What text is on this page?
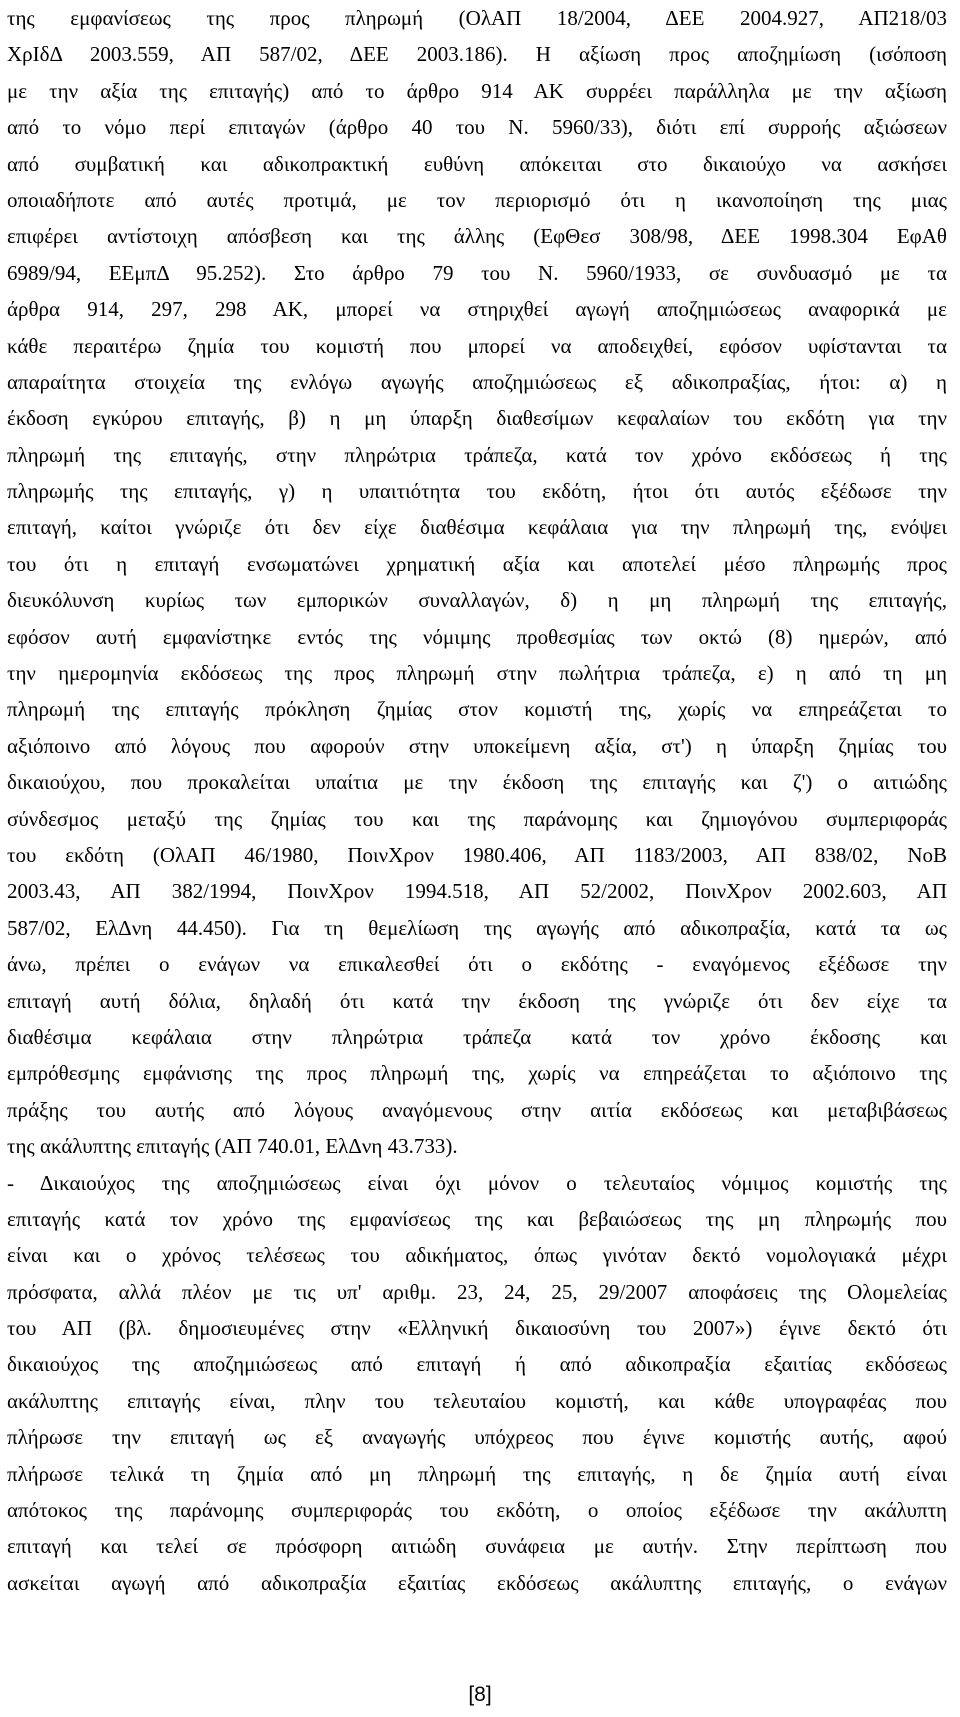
της εμφανίσεως της προς πληρωμή (ΟλΑΠ 18/2004, ΔΕΕ 2004.927, ΑΠ218/03
ΧρΙδΔ 2003.559, ΑΠ 587/02, ΔΕΕ 2003.186). Η αξίωση προς αποζημίωση (ισόποση
με την αξία της επιταγής) από το άρθρο 914 ΑΚ συρρέει παράλληλα με την αξίωση
από το νόμο περί επιταγών (άρθρο 40 του Ν. 5960/33), διότι επί συρροής αξιώσεων
από συμβατική και αδικοπρακτική ευθύνη απόκειται στο δικαιούχο να ασκήσει
οποιαδήποτε από αυτές προτιμά, με τον περιορισμό ότι η ικανοποίηση της μιας
επιφέρει αντίστοιχη απόσβεση και της άλλης (ΕφΘεσ 308/98, ΔΕΕ 1998.304 ΕφΑθ
6989/94, ΕΕμπΔ 95.252). Στο άρθρο 79 του Ν. 5960/1933, σε συνδυασμό με τα
άρθρα 914, 297, 298 ΑΚ, μπορεί να στηριχθεί αγωγή αποζημιώσεως αναφορικά με
κάθε περαιτέρω ζημία του κομιστή που μπορεί να αποδειχθεί, εφόσον υφίστανται τα
απαραίτητα στοιχεία της ενλόγω αγωγής αποζημιώσεως εξ αδικοπραξίας, ήτοι: α) η
έκδοση εγκύρου επιταγής, β) η μη ύπαρξη διαθεσίμων κεφαλαίων του εκδότη για την
πληρωμή της επιταγής, στην πληρώτρια τράπεζα, κατά τον χρόνο εκδόσεως ή της
πληρωμής της επιταγής, γ) η υπαιτιότητα του εκδότη, ήτοι ότι αυτός εξέδωσε την
επιταγή, καίτοι γνώριζε ότι δεν είχε διαθέσιμα κεφάλαια για την πληρωμή της, ενόψει
του ότι η επιταγή ενσωματώνει χρηματική αξία και αποτελεί μέσο πληρωμής προς
διευκόλυνση κυρίως των εμπορικών συναλλαγών, δ) η μη πληρωμή της επιταγής,
εφόσον αυτή εμφανίστηκε εντός της νόμιμης προθεσμίας των οκτώ (8) ημερών, από
την ημερομηνία εκδόσεως της προς πληρωμή στην πωλήτρια τράπεζα, ε) η από τη μη
πληρωμή της επιταγής πρόκληση ζημίας στον κομιστή της, χωρίς να επηρεάζεται το
αξιόποινο από λόγους που αφορούν στην υποκείμενη αξία, στ') η ύπαρξη ζημίας του
δικαιούχου, που προκαλείται υπαίτια με την έκδοση της επιταγής και ζ') ο αιτιώδης
σύνδεσμος μεταξύ της ζημίας του και της παράνομης και ζημιογόνου συμπεριφοράς
του εκδότη (ΟλΑΠ 46/1980, ΠοινΧρον 1980.406, ΑΠ 1183/2003, ΑΠ 838/02, ΝοΒ
2003.43, ΑΠ 382/1994, ΠοινΧρον 1994.518, ΑΠ 52/2002, ΠοινΧρον 2002.603, ΑΠ
587/02, ΕλΔνη 44.450). Για τη θεμελίωση της αγωγής από αδικοπραξία, κατά τα ως
άνω, πρέπει ο ενάγων να επικαλεσθεί ότι ο εκδότης - εναγόμενος εξέδωσε την
επιταγή αυτή δόλια, δηλαδή ότι κατά την έκδοση της γνώριζε ότι δεν είχε τα
διαθέσιμα κεφάλαια στην πληρώτρια τράπεζα κατά τον χρόνο έκδοσης και
εμπρόθεσμης εμφάνισης της προς πληρωμή της, χωρίς να επηρεάζεται το αξιόποινο της
πράξης του αυτής από λόγους αναγόμενους στην αιτία εκδόσεως και μεταβιβάσεως
της ακάλυπτης επιταγής (ΑΠ 740.01, ΕλΔνη 43.733).
- Δικαιούχος της αποζημιώσεως είναι όχι μόνον ο τελευταίος νόμιμος κομιστής της
επιταγής κατά τον χρόνο της εμφανίσεως της και βεβαιώσεως της μη πληρωμής που
είναι και ο χρόνος τελέσεως του αδικήματος, όπως γινόταν δεκτό νομολογιακά μέχρι
πρόσφατα, αλλά πλέον με τις υπ' αριθμ. 23, 24, 25, 29/2007 αποφάσεις της Ολομελείας
του ΑΠ (βλ. δημοσιευμένες στην «Ελληνική δικαιοσύνη του 2007») έγινε δεκτό ότι
δικαιούχος της αποζημιώσεως από επιταγή ή από αδικοπραξία εξαιτίας εκδόσεως
ακάλυπτης επιταγής είναι, πλην του τελευταίου κομιστή, και κάθε υπογραφέας που
πλήρωσε την επιταγή ως εξ αναγωγής υπόχρεος που έγινε κομιστής αυτής, αφού
πλήρωσε τελικά τη ζημία από μη πληρωμή της επιταγής, η δε ζημία αυτή είναι
απότοκος της παράνομης συμπεριφοράς του εκδότη, ο οποίος εξέδωσε την ακάλυπτη
επιταγή και τελεί σε πρόσφορη αιτιώδη συνάφεια με αυτήν. Στην περίπτωση που
ασκείται αγωγή από αδικοπραξία εξαιτίας εκδόσεως ακάλυπτης επιταγής, ο ενάγων
[8]
